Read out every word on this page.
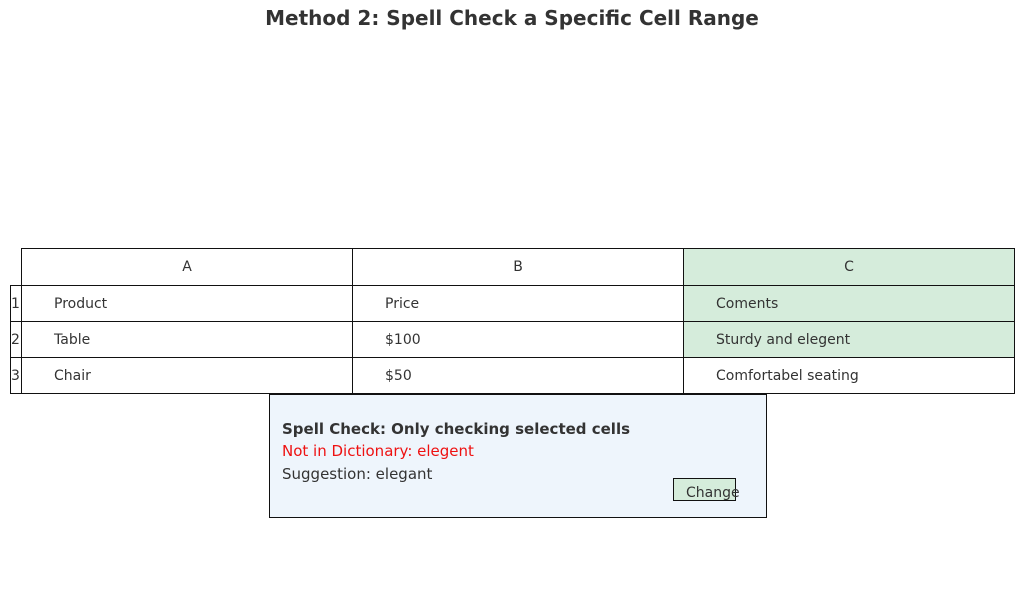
Method 2: Spell Check a Specific Cell Range
A	B	C
1	Product	Price	Coments
2	Table	$100	Sturdy and elegent
3	Chair	$50	Comfortabel seating
Spell Check: Only checking selected cells
Not in Dictionary: elegent
Suggestion: elegant
Change
